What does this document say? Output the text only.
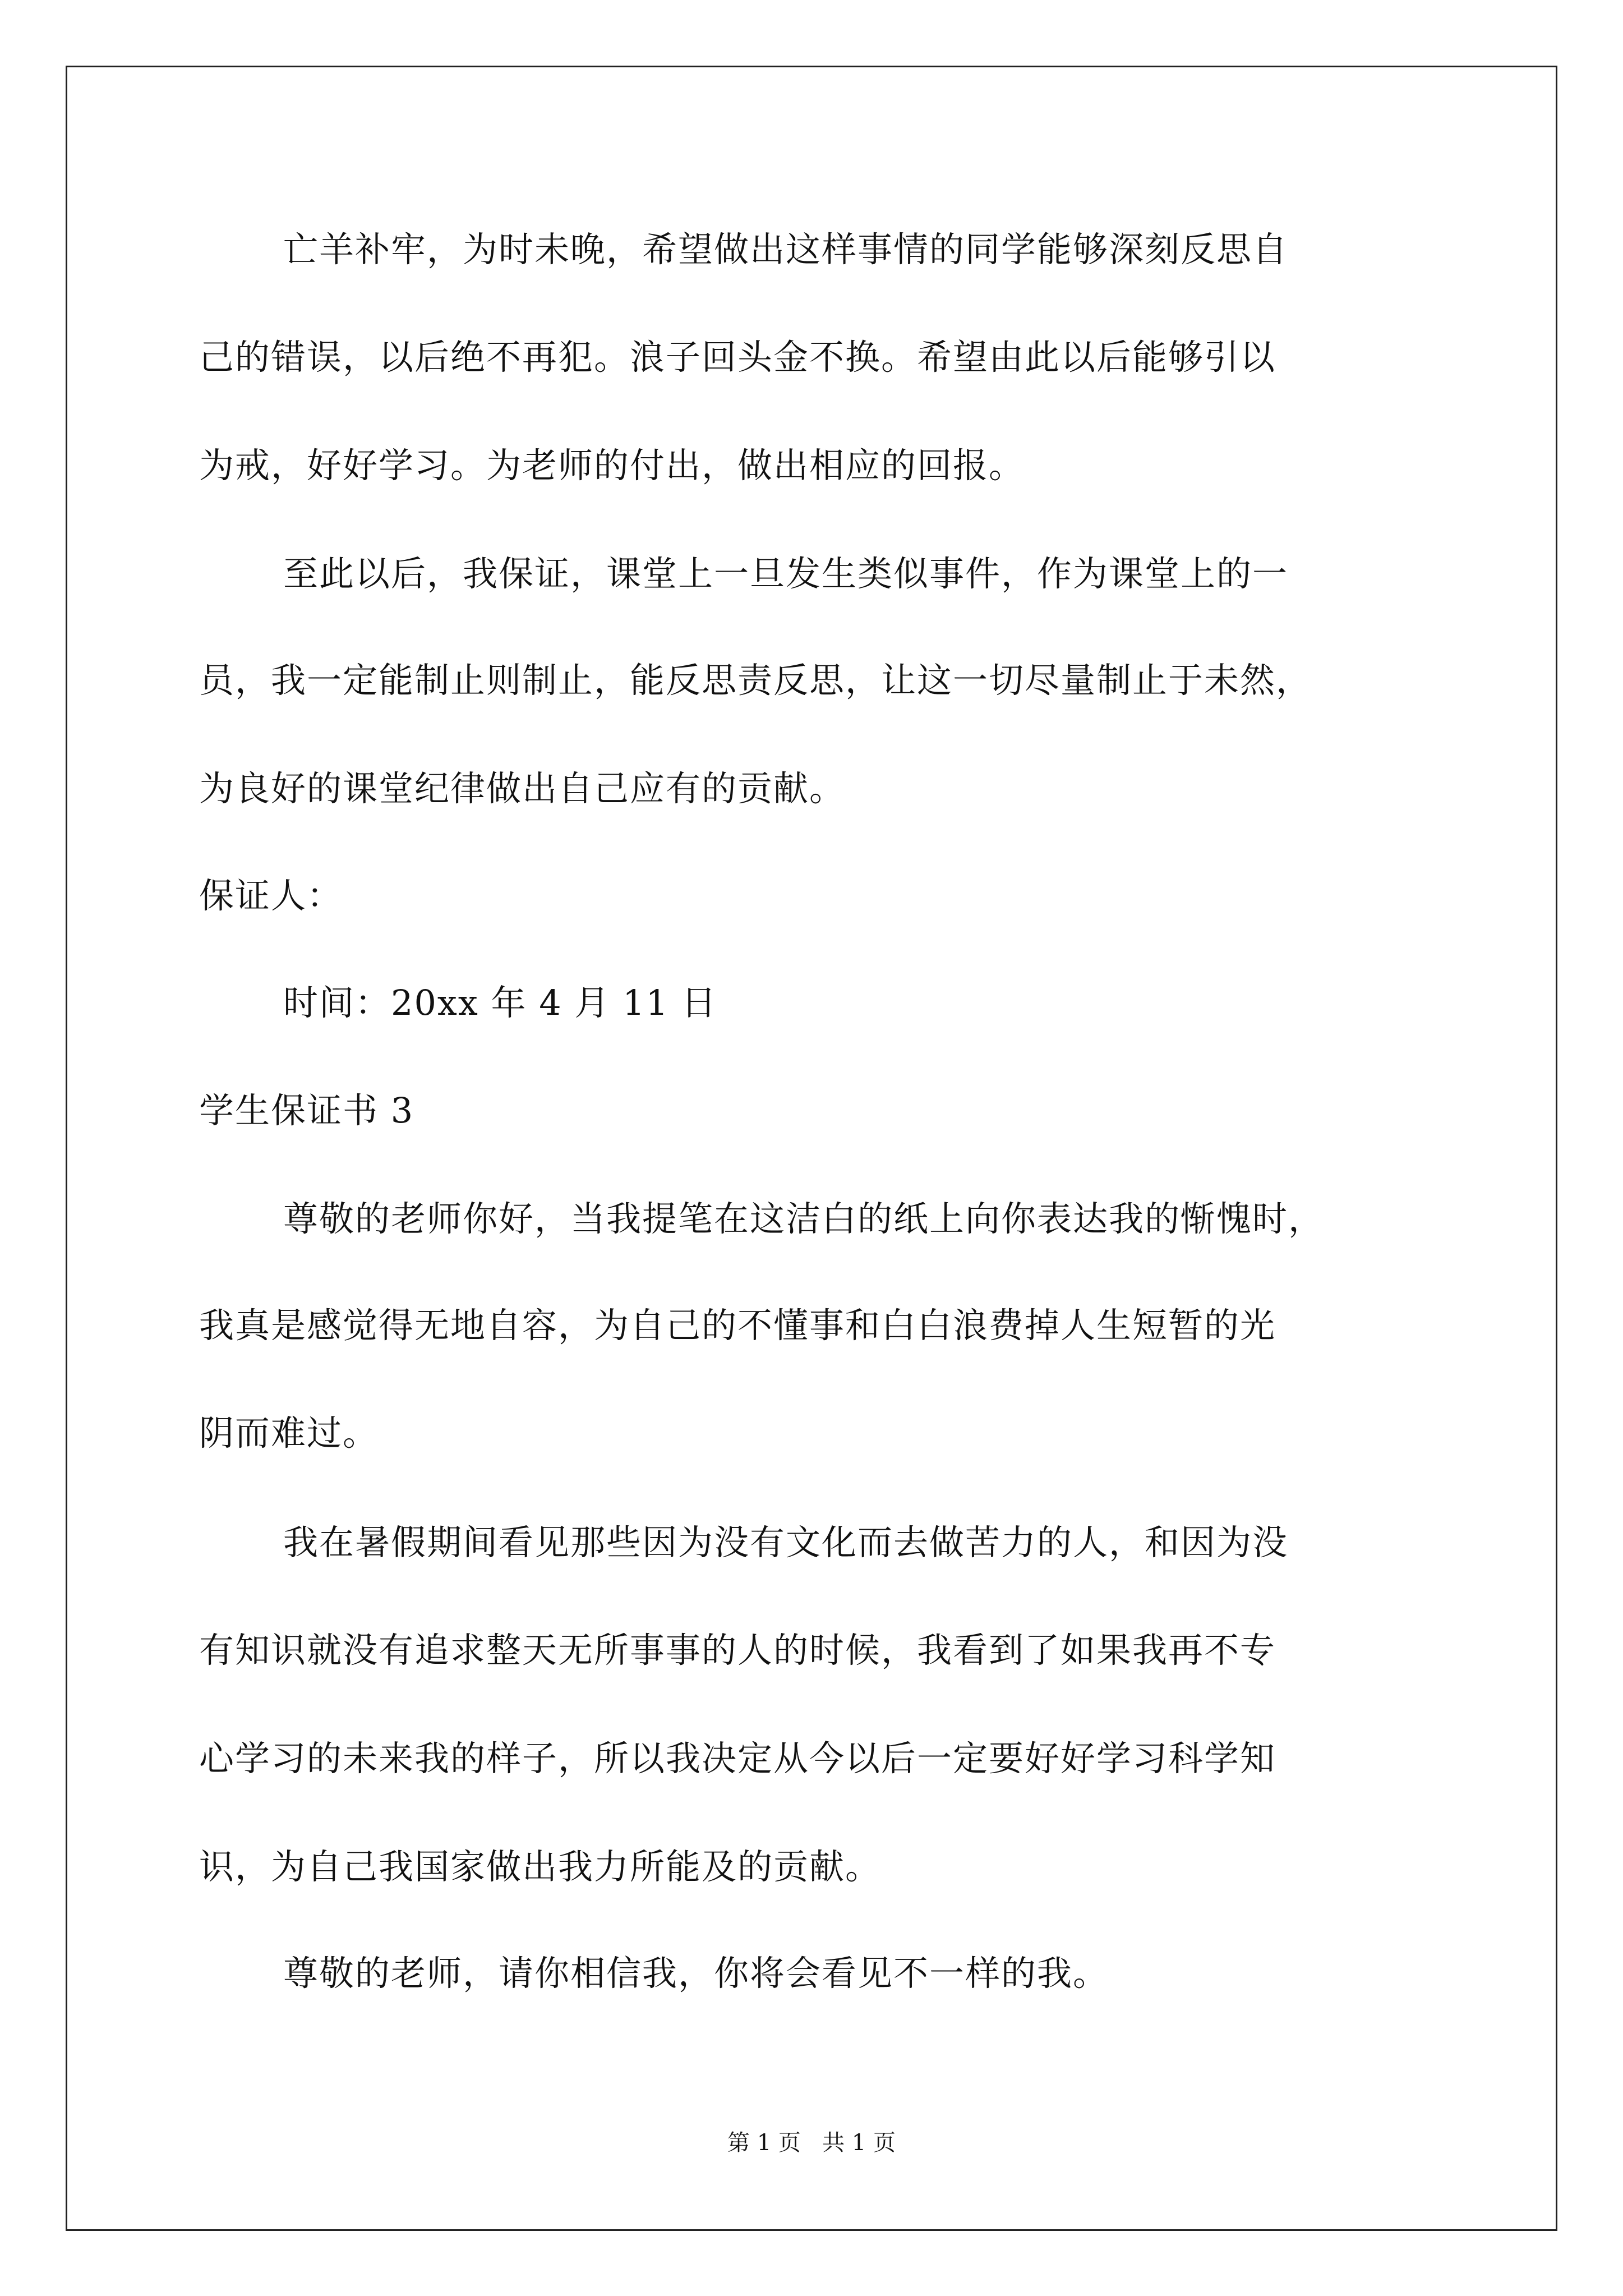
亡羊补牢，为时未晚，希望做出这样事情的同学能够深刻反思自
己的错误，以后绝不再犯。浪子回头金不换。希望由此以后能够引以
为戒，好好学习。为老师的付出，做出相应的回报。
至此以后，我保证，课堂上一旦发生类似事件，作为课堂上的一
员，我一定能制止则制止，能反思责反思，让这一切尽量制止于未然，
为良好的课堂纪律做出自己应有的贡献。
保证人：
时间：20xx 年 4 月 11 日
学生保证书 3
尊敬的老师你好，当我提笔在这洁白的纸上向你表达我的惭愧时，
我真是感觉得无地自容，为自己的不懂事和白白浪费掉人生短暂的光
阴而难过。
我在暑假期间看见那些因为没有文化而去做苦力的人，和因为没
有知识就没有追求整天无所事事的人的时候，我看到了如果我再不专
心学习的未来我的样子，所以我决定从今以后一定要好好学习科学知
识，为自己我国家做出我力所能及的贡献。
尊敬的老师，请你相信我，你将会看见不一样的我。
第 1 页   共 1 页
